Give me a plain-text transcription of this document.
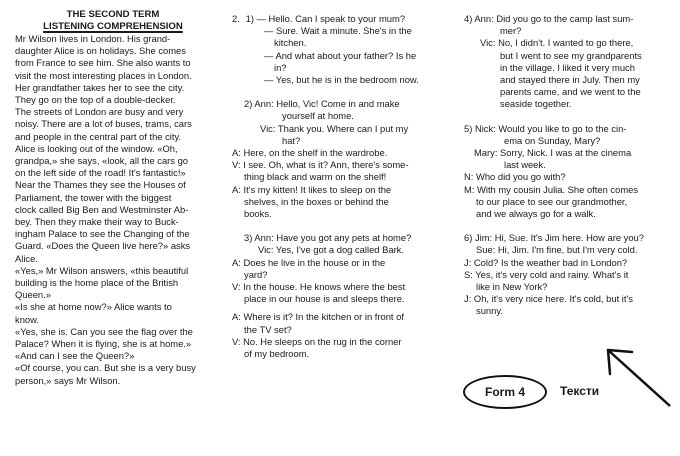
THE SECOND TERM
LISTENING COMPREHENSION
Mr Wilson lives in London. His grand-
daughter Alice is on holidays. She comes
from France to see him. She also wants to
visit the most interesting places in London.
Her grandfather takes her to see the city.
They go on the top of a double-decker.
The streets of London are busy and very
noisy. There are a lot of buses, trams, cars
and people in the central part of the city.
Alice is looking out of the window. «Oh,
grandpa,» she says, «look, all the cars go
on the left side of the road! It's fantastic!»
Near the Thames they see the Houses of
Parliament, the tower with the biggest
clock called Big Ben and Westminster Ab-
bey. Then they make their way to Buck-
ingham Palace to see the Changing of the
Guard. «Does the Queen live here?» asks
Alice.
«Yes,» Mr Wilson answers, «this beautiful
building is the home place of the British
Queen.»
«Is she at home now?» Alice wants to
know.
«Yes, she is. Can you see the flag over the
Palace? When it is flying, she is at home.»
«And can I see the Queen?»
«Of course, you can. But she is a very busy
person,» says Mr Wilson.
2. 1) — Hello. Can I speak to your mum?
— Sure. Wait a minute. She's in the
kitchen.
— And what about your father? Is he
in?
— Yes, but he is in the bedroom now.
2) Ann: Hello, Vic! Come in and make
yourself at home.
Vic: Thank you. Where can I put my
hat?
A: Here, on the shelf in the wardrobe.
V: I see. Oh, what is it? Ann, there's some-
thing black and warm on the shelf!
A: It's my kitten! It likes to sleep on the
shelves, in the boxes or behind the
books.
3) Ann: Have you got any pets at home?
Vic: Yes, I've got a dog called Bark.
A: Does he live in the house or in the
yard?
V: In the house. He knows where the best
place in our house is and sleeps there.
A: Where is it? In the kitchen or in front of
the TV set?
V: No. He sleeps on the rug in the corner
of my bedroom.
4) Ann: Did you go to the camp last sum-
mer?
Vic: No, I didn't. I wanted to go there,
but I went to see my grandparents
in the village. I liked it very much
and stayed there in July. Then my
parents came, and we went to the
seaside together.
5) Nick: Would you like to go to the cin-
ema on Sunday, Mary?
Mary: Sorry, Nick. I was at the cinema
last week.
N: Who did you go with?
M: With my cousin Julia. She often comes
to our place to see our grandmother,
and we always go for a walk.
6) Jim: Hi, Sue. It's Jim here. How are you?
Sue: Hi, Jim. I'm fine, but I'm very cold.
J: Cold? Is the weather bad in London?
S: Yes, it's very cold and rainy. What's it
like in New York?
J: Oh, it's very nice here. It's cold, but it's
sunny.
Form 4	Тексти
